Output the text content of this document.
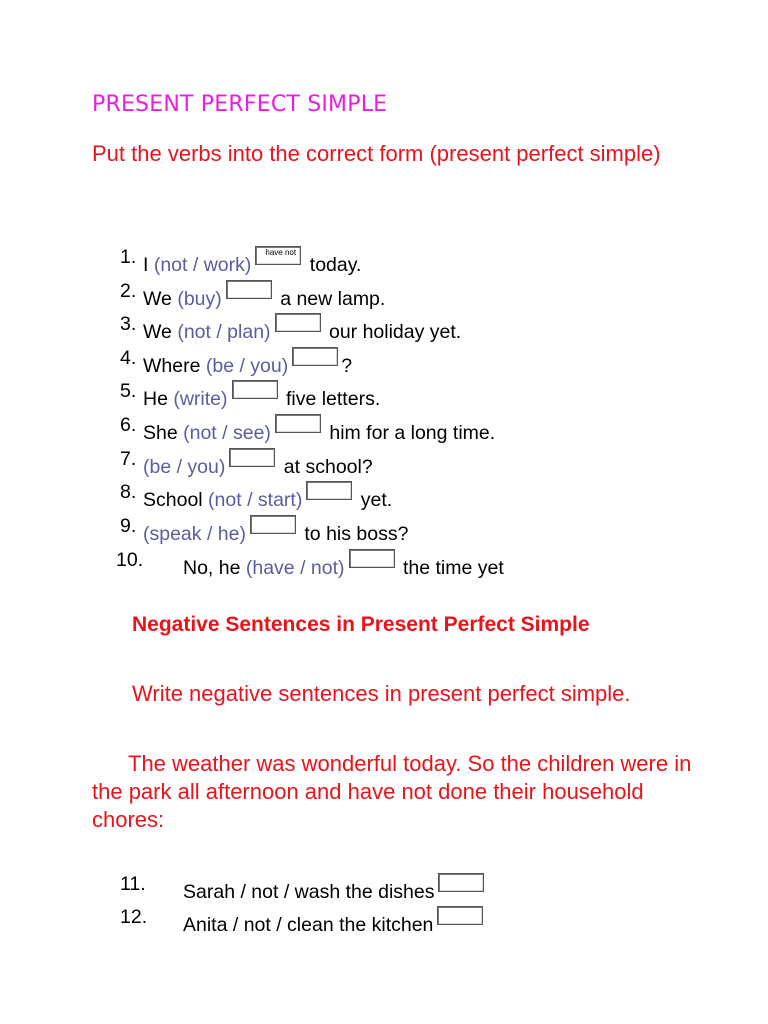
PRESENT PERFECT SIMPLE
Put the verbs into the correct form (present perfect simple)
1. I (not / work)
have not
today.
2. We (buy)	a new lamp.
3. We (not / plan)	our holiday yet.
4. Where (be / you)	?
5. He (write)	five letters.
6. She (not / see)	him for a long time.
7. (be / you)	at school?
8. School (not / start)	yet.
9. (speak / he)	to his boss?
10. No, he (have / not)	the time yet
Negative Sentences in Present Perfect Simple
Write negative sentences in present perfect simple.
The weather was wonderful today. So the children were in the park all afternoon and have not done their household chores:
11. Sarah / not / wash the dishes
12. Anita / not / clean the kitchen
